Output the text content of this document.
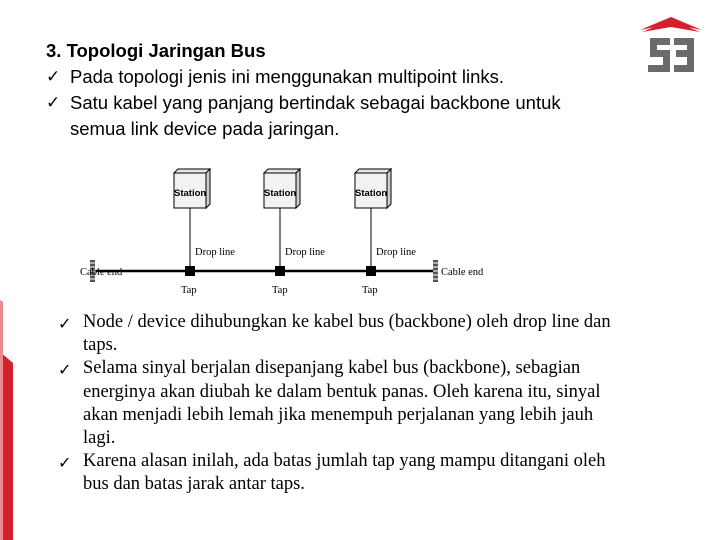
3. Topologi Jaringan Bus
✓ Pada topologi jenis ini menggunakan multipoint links.
✓ Satu kabel yang panjang bertindak sebagai backbone untuk
semua link device pada jaringan.
Cable end	Cable end
Station
Drop line
Tap
Station
Drop line
Tap
Station
Drop line
Tap
✓ Node / device dihubungkan ke kabel bus (backbone) oleh drop line dan
taps.
✓ Selama sinyal berjalan disepanjang kabel bus (backbone), sebagian
energinya akan diubah ke dalam bentuk panas. Oleh karena itu, sinyal
akan menjadi lebih lemah jika menempuh perjalanan yang lebih jauh
lagi.
✓ Karena alasan inilah, ada batas jumlah tap yang mampu ditangani oleh
bus dan batas jarak antar taps.
